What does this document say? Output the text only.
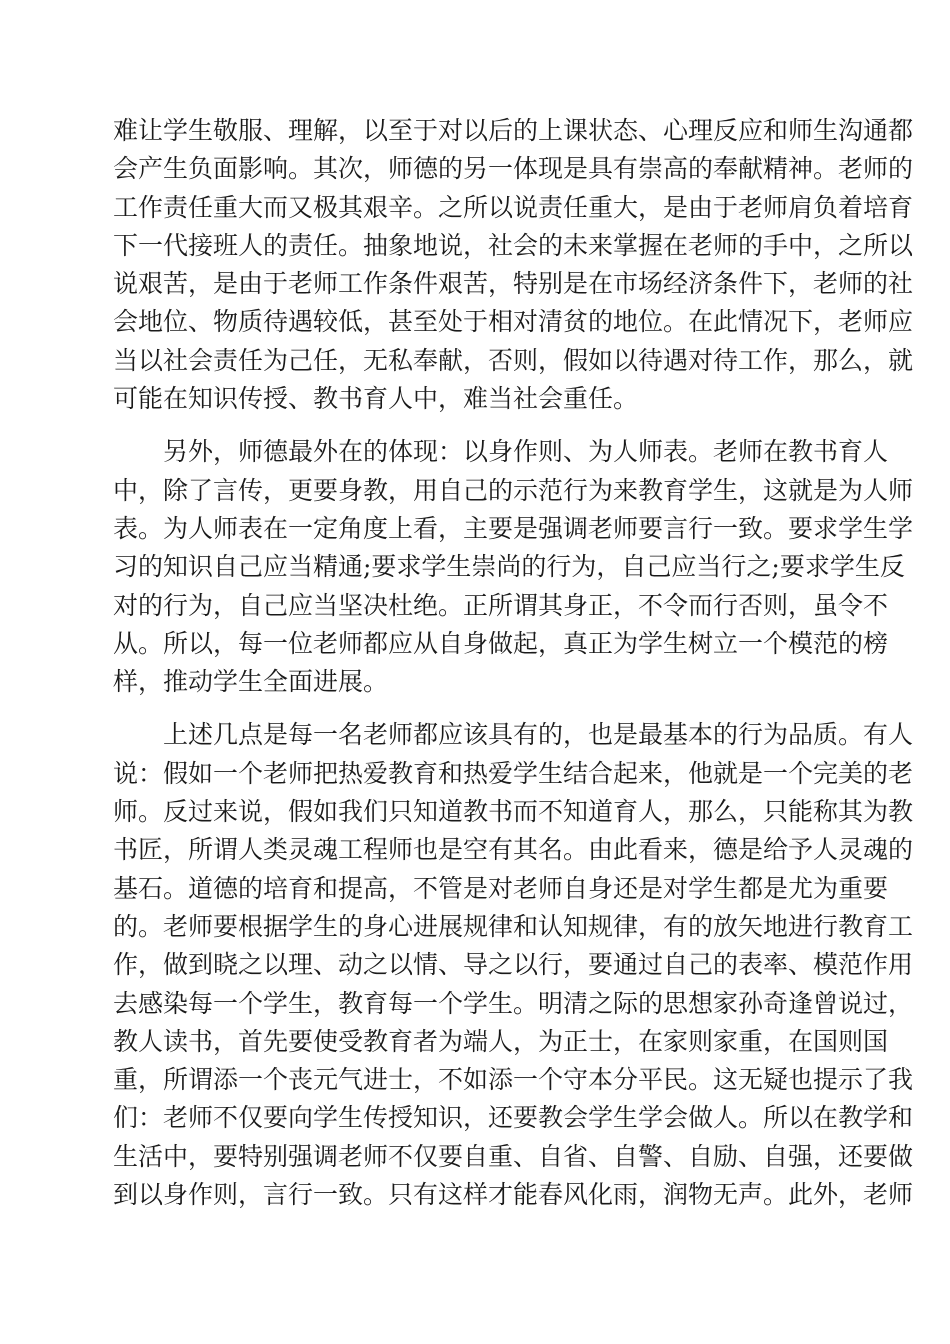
难让学生敬服、理解，以至于对以后的上课状态、心理反应和师生沟通都
会产生负面影响。其次，师德的另一体现是具有崇高的奉献精神。老师的
工作责任重大而又极其艰辛。之所以说责任重大，是由于老师肩负着培育
下一代接班人的责任。抽象地说，社会的未来掌握在老师的手中，之所以
说艰苦，是由于老师工作条件艰苦，特别是在市场经济条件下，老师的社
会地位、物质待遇较低，甚至处于相对清贫的地位。在此情况下，老师应
当以社会责任为己任，无私奉献，否则，假如以待遇对待工作，那么，就
可能在知识传授、教书育人中，难当社会重任。
另外，师德最外在的体现：以身作则、为人师表。老师在教书育人
中，除了言传，更要身教，用自己的示范行为来教育学生，这就是为人师
表。为人师表在一定角度上看，主要是强调老师要言行一致。要求学生学
习的知识自己应当精通;要求学生崇尚的行为，自己应当行之;要求学生反
对的行为，自己应当坚决杜绝。正所谓其身正，不令而行否则，虽令不
从。所以，每一位老师都应从自身做起，真正为学生树立一个模范的榜
样，推动学生全面进展。
上述几点是每一名老师都应该具有的，也是最基本的行为品质。有人
说：假如一个老师把热爱教育和热爱学生结合起来，他就是一个完美的老
师。反过来说，假如我们只知道教书而不知道育人，那么，只能称其为教
书匠，所谓人类灵魂工程师也是空有其名。由此看来，德是给予人灵魂的
基石。道德的培育和提高，不管是对老师自身还是对学生都是尤为重要
的。老师要根据学生的身心进展规律和认知规律，有的放矢地进行教育工
作，做到晓之以理、动之以情、导之以行，要通过自己的表率、模范作用
去感染每一个学生，教育每一个学生。明清之际的思想家孙奇逢曾说过，
教人读书，首先要使受教育者为端人，为正士，在家则家重，在国则国
重，所谓添一个丧元气进士，不如添一个守本分平民。这无疑也提示了我
们：老师不仅要向学生传授知识，还要教会学生学会做人。所以在教学和
生活中，要特别强调老师不仅要自重、自省、自警、自励、自强，还要做
到以身作则，言行一致。只有这样才能春风化雨，润物无声。此外，老师
